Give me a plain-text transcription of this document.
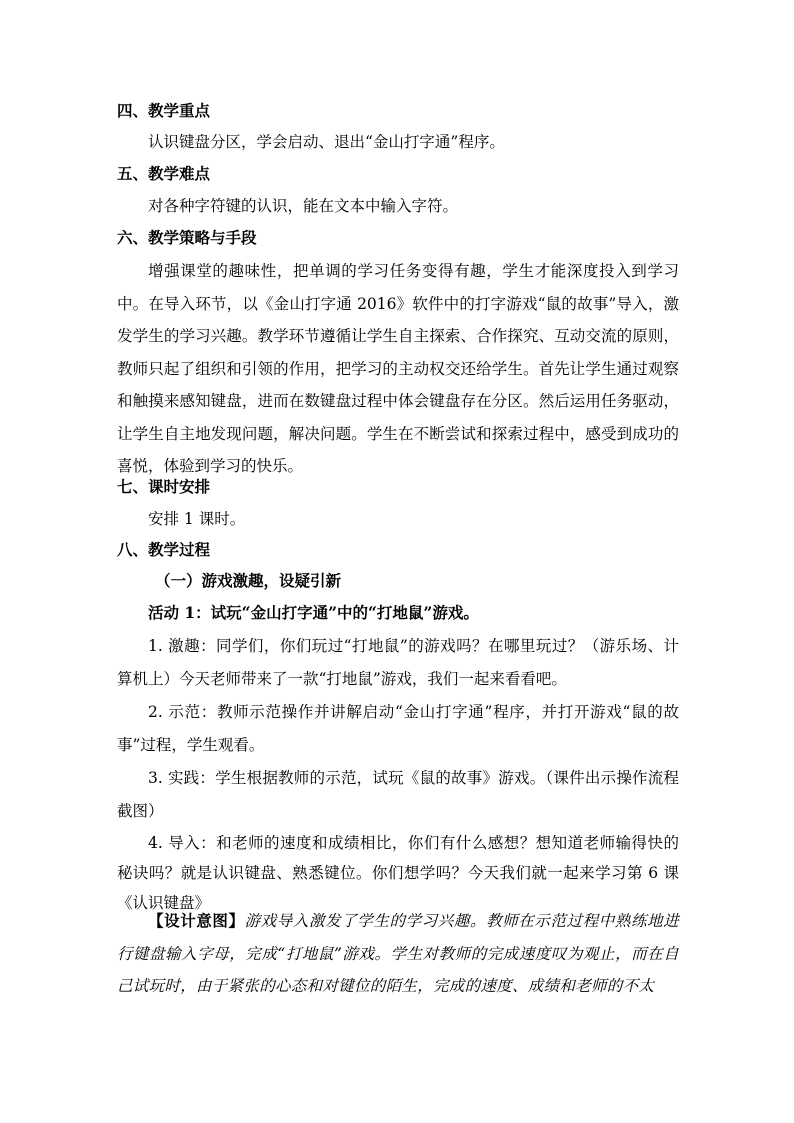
四、教学重点
认识键盘分区，学会启动、退出“金山打字通”程序。
五、教学难点
对各种字符键的认识，能在文本中输入字符。
六、教学策略与手段
增强课堂的趣味性，把单调的学习任务变得有趣，学生才能深度投入到学习中。在导入环节，以《金山打字通 2016》软件中的打字游戏“鼠的故事”导入，激发学生的学习兴趣。教学环节遵循让学生自主探索、合作探究、互动交流的原则，教师只起了组织和引领的作用，把学习的主动权交还给学生。首先让学生通过观察和触摸来感知键盘，进而在数键盘过程中体会键盘存在分区。然后运用任务驱动，让学生自主地发现问题，解决问题。学生在不断尝试和探索过程中，感受到成功的喜悦，体验到学习的快乐。
七、课时安排
安排 1 课时。
八、教学过程
（一）游戏激趣，设疑引新
活动 1：试玩“金山打字通”中的“打地鼠”游戏。
1. 激趣：同学们，你们玩过“打地鼠”的游戏吗？在哪里玩过？（游乐场、计算机上）今天老师带来了一款“打地鼠”游戏，我们一起来看看吧。
2. 示范：教师示范操作并讲解启动“金山打字通”程序，并打开游戏“鼠的故事”过程，学生观看。
3. 实践：学生根据教师的示范，试玩《鼠的故事》游戏。（课件出示操作流程截图）
4. 导入：和老师的速度和成绩相比，你们有什么感想？想知道老师输得快的秘诀吗？就是认识键盘、熟悉键位。你们想学吗？今天我们就一起来学习第 6 课《认识键盘》
【设计意图】游戏导入激发了学生的学习兴趣。教师在示范过程中熟练地进行键盘输入字母，完成“打地鼠”游戏。学生对教师的完成速度叹为观止，而在自己试玩时，由于紧张的心态和对键位的陌生，完成的速度、成绩和老师的不太
